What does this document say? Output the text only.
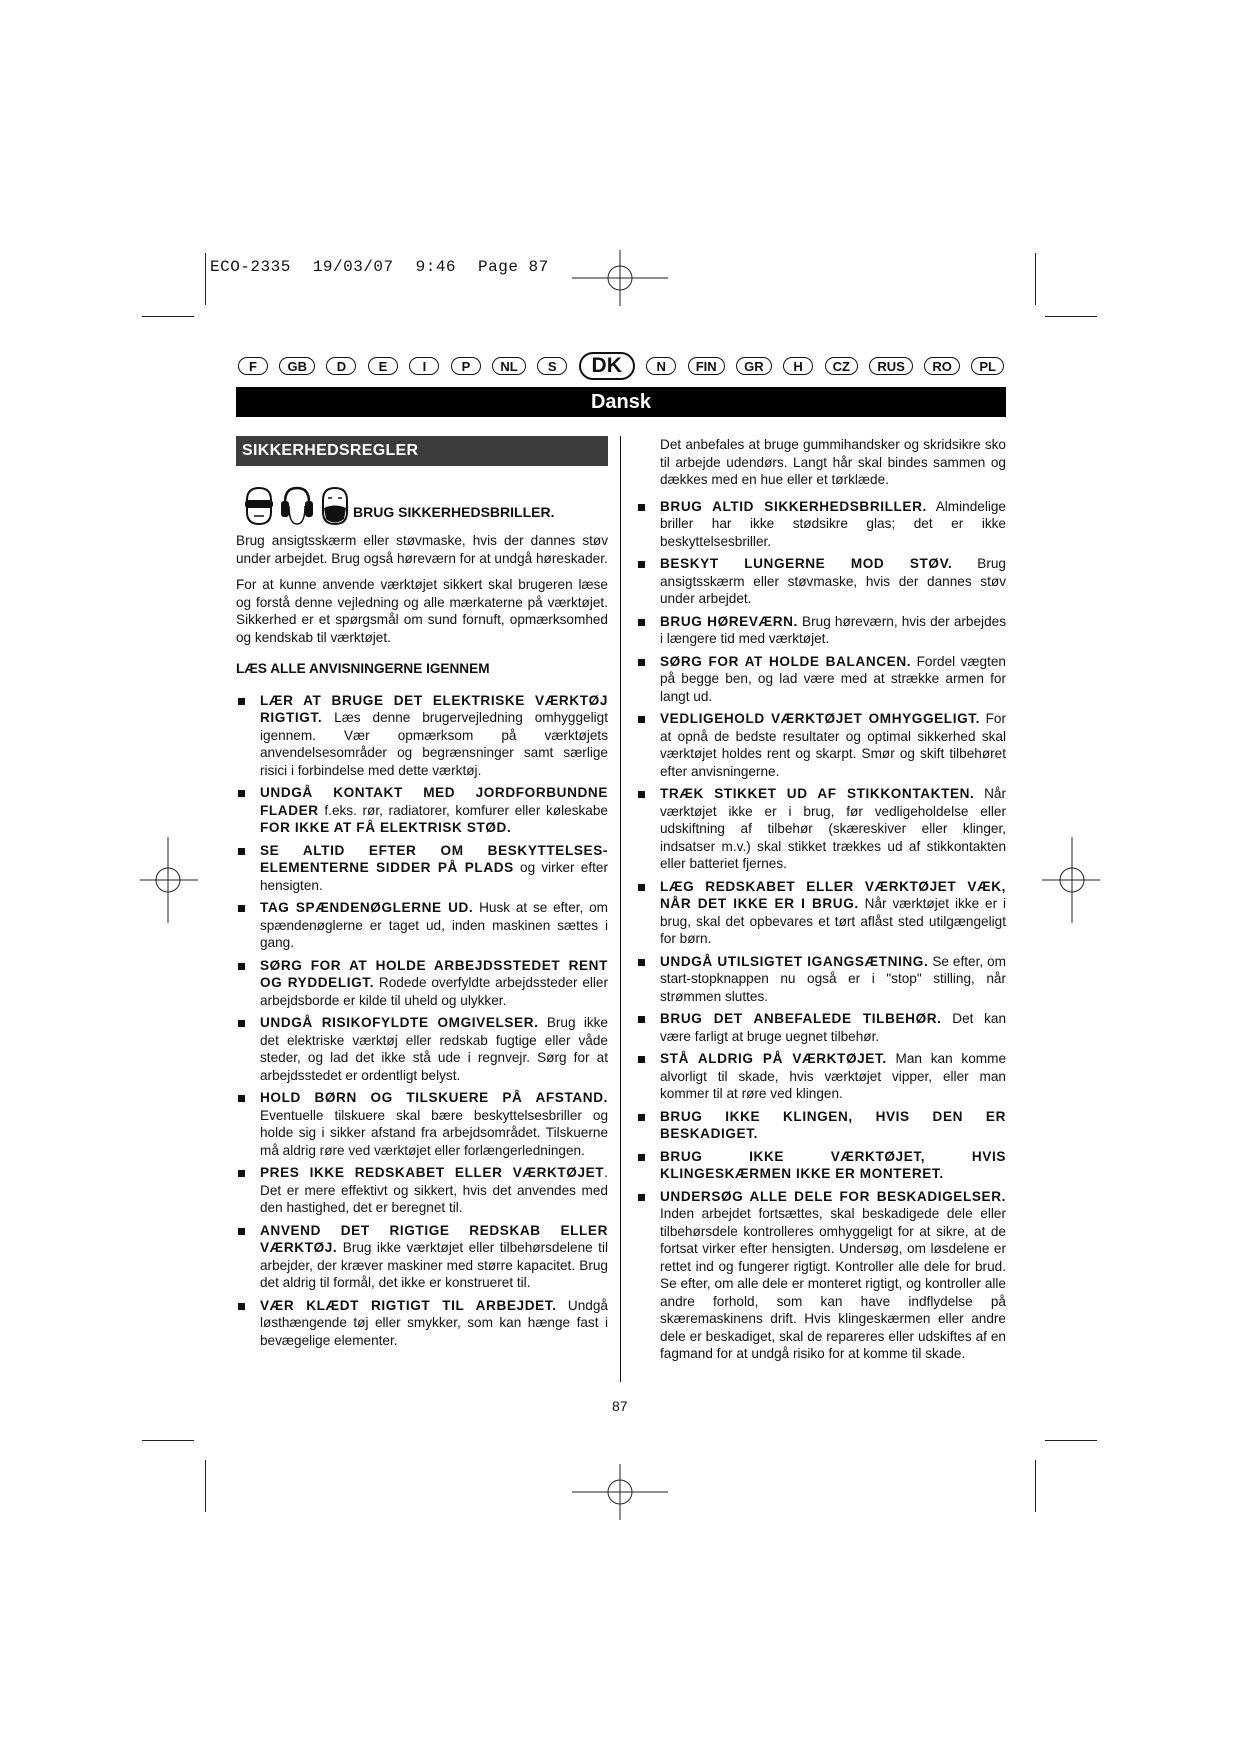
ECO-2335 19/03/07 9:46 Page 87
F	GB	D	E	I	P	NL	S	DK	N	FIN	GR	H	CZ	RUS	RO	PL
Dansk
SIKKERHEDSREGLER
BRUG SIKKERHEDSBRILLER.

Brug ansigtsskærm eller støvmaske, hvis der dannes støv under arbejdet. Brug også høreværn for at undgå høreskader.

For at kunne anvende værktøjet sikkert skal brugeren læse og forstå denne vejledning og alle mærkaterne på værktøjet. Sikkerhed er et spørgsmål om sund fornuft, opmærksomhed og kendskab til værktøjet.

LÆS ALLE ANVISNINGERNE IGENNEM
LÆR AT BRUGE DET ELEKTRISKE VÆRKTØJ RIGTIGT. Læs denne brugervejledning omhyggeligt igennem. Vær opmærksom på værktøjets anvendelsesområder og begrænsninger samt særlige risici i forbindelse med dette værktøj.
UNDGÅ KONTAKT MED JORDFORBUNDNE FLADER f.eks. rør, radiatorer, komfurer eller køleskabe FOR IKKE AT FÅ ELEKTRISK STØD.
SE ALTID EFTER OM BESKYTTELSES-ELEMENTERNE SIDDER PÅ PLADS og virker efter hensigten.
TAG SPÆNDENØGLERNE UD. Husk at se efter, om spændenøglerne er taget ud, inden maskinen sættes i gang.
SØRG FOR AT HOLDE ARBEJDSSTEDET RENT OG RYDDELIGT. Rodede overfyldte arbejdssteder eller arbejdsborde er kilde til uheld og ulykker.
UNDGÅ RISIKOFYLDTE OMGIVELSER. Brug ikke det elektriske værktøj eller redskab fugtige eller våde steder, og lad det ikke stå ude i regnvejr. Sørg for at arbejdsstedet er ordentligt belyst.
HOLD BØRN OG TILSKUERE PÅ AFSTAND. Eventuelle tilskuere skal bære beskyttelsesbriller og holde sig i sikker afstand fra arbejdsområdet. Tilskuerne må aldrig røre ved værktøjet eller forlængerledningen.
PRES IKKE REDSKABET ELLER VÆRKTØJET. Det er mere effektivt og sikkert, hvis det anvendes med den hastighed, det er beregnet til.
ANVEND DET RIGTIGE REDSKAB ELLER VÆRKTØJ. Brug ikke værktøjet eller tilbehørsdelene til arbejder, der kræver maskiner med større kapacitet. Brug det aldrig til formål, det ikke er konstrueret til.
VÆR KLÆDT RIGTIGT TIL ARBEJDET. Undgå løsthængende tøj eller smykker, som kan hænge fast i bevægelige elementer.

Det anbefales at bruge gummihandsker og skridsikre sko til arbejde udendørs. Langt hår skal bindes sammen og dækkes med en hue eller et tørklæde.

BRUG ALTID SIKKERHEDSBRILLER. Almindelige briller har ikke stødsikre glas; det er ikke beskyttelsesbriller.
BESKYT LUNGERNE MOD STØV. Brug ansigtsskærm eller støvmaske, hvis der dannes støv under arbejdet.
BRUG HØREVÆRN. Brug høreværn, hvis der arbejdes i længere tid med værktøjet.
SØRG FOR AT HOLDE BALANCEN. Fordel vægten på begge ben, og lad være med at strække armen for langt ud.
VEDLIGEHOLD VÆRKTØJET OMHYGGELIGT. For at opnå de bedste resultater og optimal sikkerhed skal værktøjet holdes rent og skarpt. Smør og skift tilbehøret efter anvisningerne.
TRÆK STIKKET UD AF STIKKONTAKTEN. Når værktøjet ikke er i brug, før vedligeholdelse eller udskiftning af tilbehør (skæreskiver eller klinger, indsatser m.v.) skal stikket trækkes ud af stikkontakten eller batteriet fjernes.
LÆG REDSKABET ELLER VÆRKTØJET VÆK, NÅR DET IKKE ER I BRUG. Når værktøjet ikke er i brug, skal det opbevares et tørt aflåst sted utilgængeligt for børn.
UNDGÅ UTILSIGTET IGANGSÆTNING. Se efter, om start-stopknappen nu også er i "stop" stilling, når strømmen sluttes.
BRUG DET ANBEFALEDE TILBEHØR. Det kan være farligt at bruge uegnet tilbehør.
STÅ ALDRIG PÅ VÆRKTØJET. Man kan komme alvorligt til skade, hvis værktøjet vipper, eller man kommer til at røre ved klingen.
BRUG IKKE KLINGEN, HVIS DEN ER BESKADIGET.
BRUG IKKE VÆRKTØJET, HVIS KLINGESKÆRMEN IKKE ER MONTERET.
UNDERSØG ALLE DELE FOR BESKADIGELSER. Inden arbejdet fortsættes, skal beskadigede dele eller tilbehørsdele kontrolleres omhyggeligt for at sikre, at de fortsat virker efter hensigten. Undersøg, om løsdelene er rettet ind og fungerer rigtigt. Kontroller alle dele for brud. Se efter, om alle dele er monteret rigtigt, og kontroller alle andre forhold, som kan have indflydelse på skæremaskinens drift. Hvis klingeskærmen eller andre dele er beskadiget, skal de repareres eller udskiftes af en fagmand for at undgå risiko for at komme til skade.
87
